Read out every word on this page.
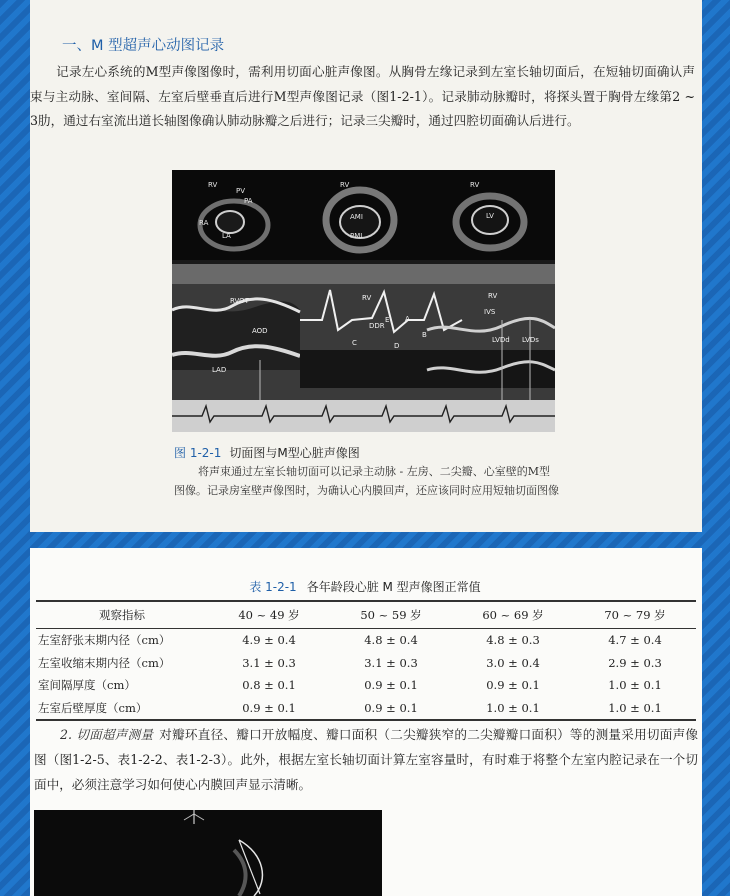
一、M 型超声心动图记录
记录左心系统的M型声像图像时，需利用切面心脏声像图。从胸骨左缘记录到左室长轴切面后，在短轴切面确认声束与主动脉、室间隔、左室后壁垂直后进行M型声像图记录（图1-2-1）。记录肺动脉瓣时，将探头置于胸骨左缘第2 ~ 3肋，通过右室流出道长轴图像确认肺动脉瓣之后进行；记录三尖瓣时，通过四腔切面确认后进行。
RV
PV
PA
RA
LA
RV
AMI
PMI
RV
LV
RVOT
AOD
LAD
RV
DDR
E A
B
C	D
RV
IVS
LVDd LVDs
图 1-2-1 切面图与M型心脏声像图
将声束通过左室长轴切面可以记录主动脉 - 左房、二尖瓣、心室壁的M型图像。记录房室壁声像图时，为确认心内膜回声，还应该同时应用短轴切面图像
表 1-2-1 各年龄段心脏 M 型声像图正常值
观察指标	40 ~ 49 岁	50 ~ 59 岁	60 ~ 69 岁	70 ~ 79 岁
左室舒张末期内径（cm）	4.9 ± 0.4	4.8 ± 0.4	4.8 ± 0.3	4.7 ± 0.4
左室收缩末期内径（cm）	3.1 ± 0.3	3.1 ± 0.3	3.0 ± 0.4	2.9 ± 0.3
室间隔厚度（cm）	0.8 ± 0.1	0.9 ± 0.1	0.9 ± 0.1	1.0 ± 0.1
左室后壁厚度（cm）	0.9 ± 0.1	0.9 ± 0.1	1.0 ± 0.1	1.0 ± 0.1
2. 切面超声测量 对瓣环直径、瓣口开放幅度、瓣口面积（二尖瓣狭窄的二尖瓣瓣口面积）等的测量采用切面声像图（图1-2-5、表1-2-2、表1-2-3）。此外，根据左室长轴切面计算左室容量时，有时难于将整个左室内腔记录在一个切面中，必须注意学习如何使心内膜回声显示清晰。
